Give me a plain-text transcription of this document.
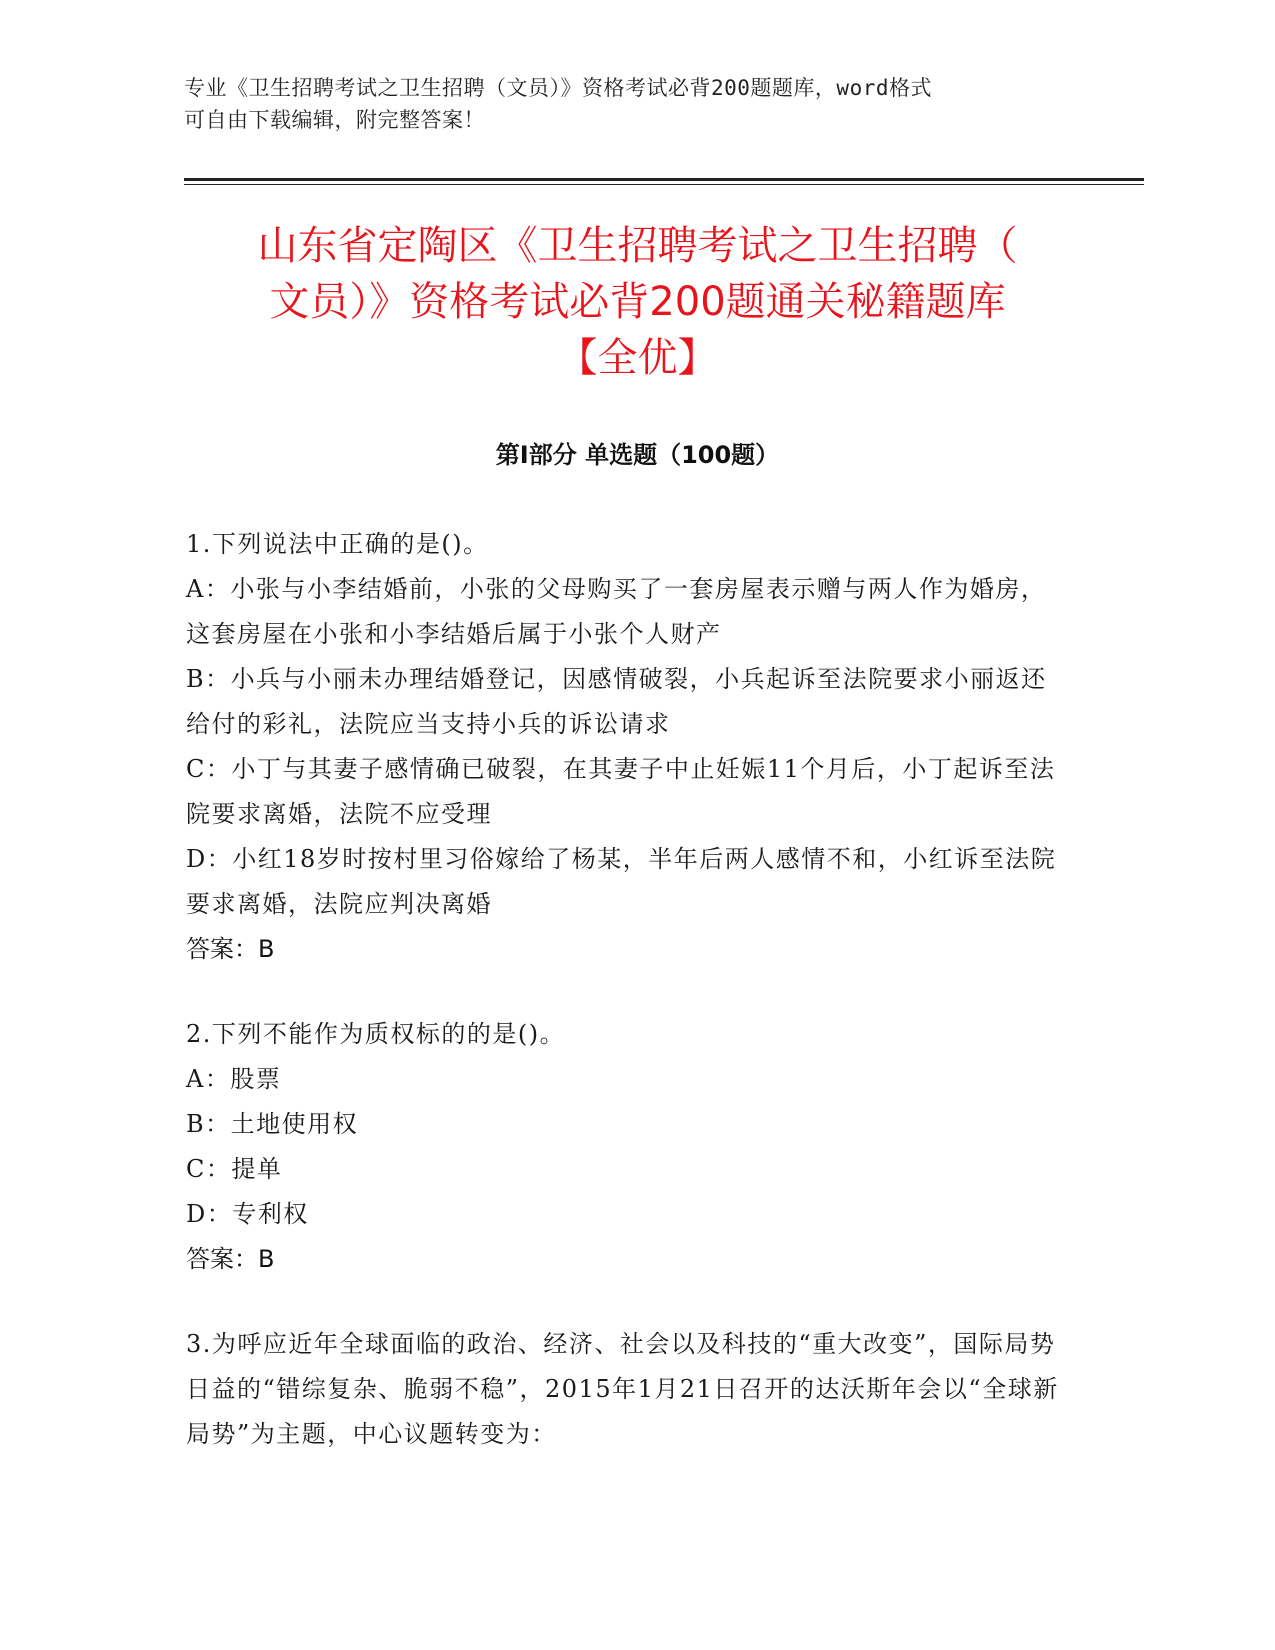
专业《卫生招聘考试之卫生招聘（文员）》资格考试必背200题题库，word格式
可自由下载编辑，附完整答案！
山东省定陶区《卫生招聘考试之卫生招聘（
文员）》资格考试必背200题通关秘籍题库
【全优】
第Ⅰ部分 单选题（100题）

1.下列说法中正确的是()。

A：小张与小李结婚前，小张的父母购买了一套房屋表示赠与两人作为婚房，这套房屋在小张和小李结婚后属于小张个人财产

B：小兵与小丽未办理结婚登记，因感情破裂，小兵起诉至法院要求小丽返还给付的彩礼，法院应当支持小兵的诉讼请求

C：小丁与其妻子感情确已破裂，在其妻子中止妊娠11个月后，小丁起诉至法院要求离婚，法院不应受理

D：小红18岁时按村里习俗嫁给了杨某，半年后两人感情不和，小红诉至法院要求离婚，法院应判决离婚

答案：B

2.下列不能作为质权标的的是()。

A：股票

B：土地使用权

C：提单

D：专利权

答案：B

3.为呼应近年全球面临的政治、经济、社会以及科技的“重大改变”，国际局势日益的“错综复杂、脆弱不稳”，2015年1月21日召开的达沃斯年会以“全球新局势”为主题，中心议题转变为：
